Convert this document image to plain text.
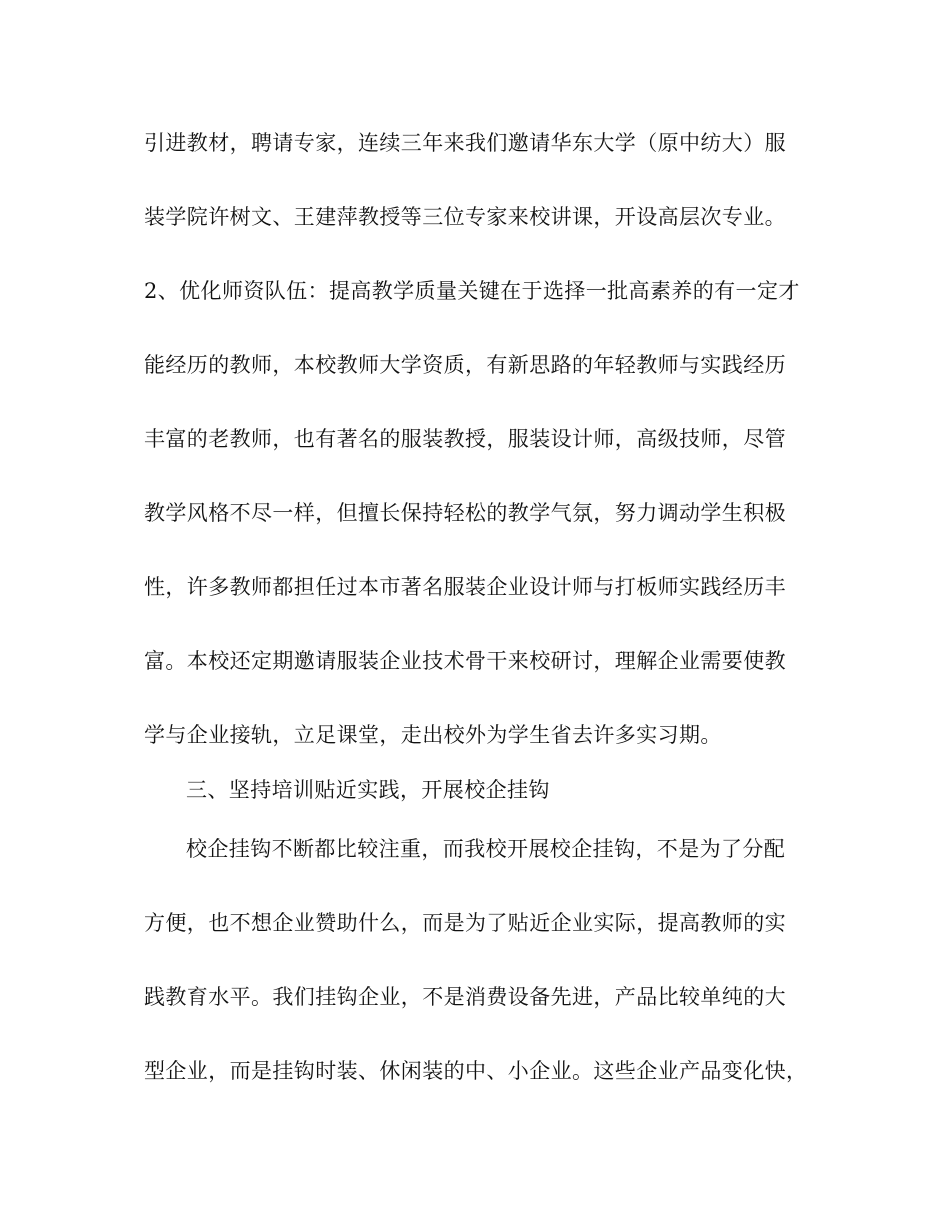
引进教材，聘请专家，连续三年来我们邀请华东大学（原中纺大）服
装学院许树文、王建萍教授等三位专家来校讲课，开设高层次专业。
2、优化师资队伍：提高教学质量关键在于选择一批高素养的有一定才
能经历的教师，本校教师大学资质，有新思路的年轻教师与实践经历
丰富的老教师，也有著名的服装教授，服装设计师，高级技师，尽管
教学风格不尽一样，但擅长保持轻松的教学气氛，努力调动学生积极
性，许多教师都担任过本市著名服装企业设计师与打板师实践经历丰
富。本校还定期邀请服装企业技术骨干来校研讨，理解企业需要使教
学与企业接轨，立足课堂，走出校外为学生省去许多实习期。
三、坚持培训贴近实践，开展校企挂钩
校企挂钩不断都比较注重，而我校开展校企挂钩，不是为了分配
方便，也不想企业赞助什么，而是为了贴近企业实际，提高教师的实
践教育水平。我们挂钩企业，不是消费设备先进，产品比较单纯的大
型企业，而是挂钩时装、休闲装的中、小企业。这些企业产品变化快，
